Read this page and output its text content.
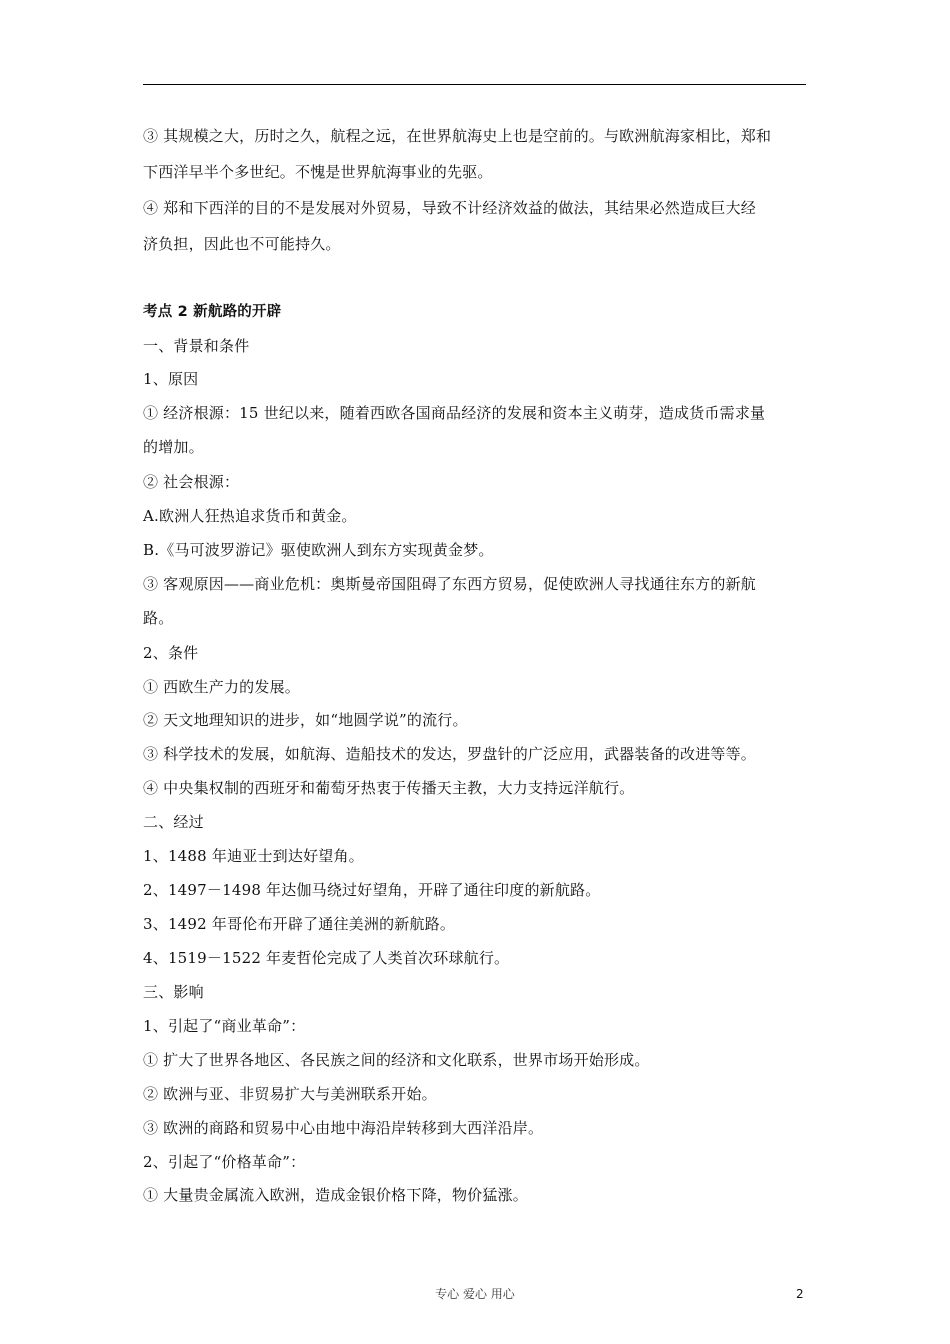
③ 其规模之大，历时之久，航程之远，在世界航海史上也是空前的。与欧洲航海家相比，郑和
下西洋早半个多世纪。不愧是世界航海事业的先驱。
④ 郑和下西洋的目的不是发展对外贸易，导致不计经济效益的做法，其结果必然造成巨大经
济负担，因此也不可能持久。
考点 2 新航路的开辟
一、背景和条件
1、原因
① 经济根源：15 世纪以来，随着西欧各国商品经济的发展和资本主义萌芽，造成货币需求量
的增加。
② 社会根源：
A.欧洲人狂热追求货币和黄金。
B.《马可波罗游记》驱使欧洲人到东方实现黄金梦。
③ 客观原因——商业危机：奥斯曼帝国阻碍了东西方贸易，促使欧洲人寻找通往东方的新航
路。
2、条件
① 西欧生产力的发展。
② 天文地理知识的进步，如“地圆学说”的流行。
③ 科学技术的发展，如航海、造船技术的发达，罗盘针的广泛应用，武器装备的改进等等。
④ 中央集权制的西班牙和葡萄牙热衷于传播天主教，大力支持远洋航行。
二、经过
1、1488 年迪亚士到达好望角。
2、1497－1498 年达伽马绕过好望角，开辟了通往印度的新航路。
3、1492 年哥伦布开辟了通往美洲的新航路。
4、1519－1522 年麦哲伦完成了人类首次环球航行。
三、影响
1、引起了“商业革命”：
① 扩大了世界各地区、各民族之间的经济和文化联系，世界市场开始形成。
② 欧洲与亚、非贸易扩大与美洲联系开始。
③ 欧洲的商路和贸易中心由地中海沿岸转移到大西洋沿岸。
2、引起了“价格革命”：
① 大量贵金属流入欧洲，造成金银价格下降，物价猛涨。
专心 爱心 用心	2
